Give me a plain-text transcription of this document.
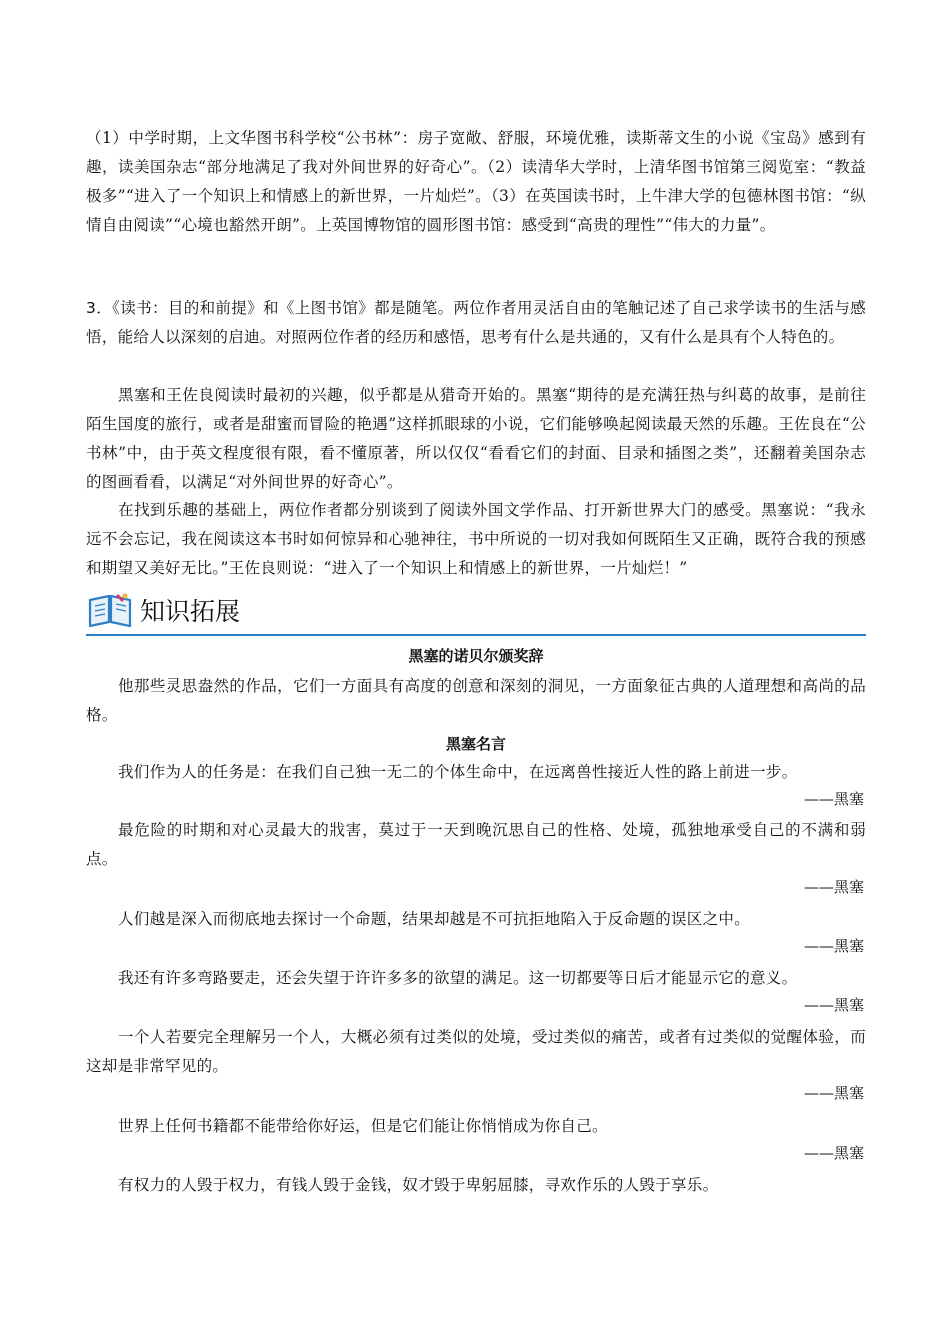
（1）中学时期，上文华图书科学校“公书林”：房子宽敞、舒服，环境优雅，读斯蒂文生的小说《宝岛》感到有趣，读美国杂志“部分地满足了我对外间世界的好奇心”。（2）读清华大学时，上清华图书馆第三阅览室：“教益极多”“进入了一个知识上和情感上的新世界，一片灿烂”。（3）在英国读书时，上牛津大学的包德林图书馆：“纵情自由阅读”“心境也豁然开朗”。上英国博物馆的圆形图书馆：感受到“高贵的理性”“伟大的力量”。

3．《读书：目的和前提》和《上图书馆》都是随笔。两位作者用灵活自由的笔触记述了自己求学读书的生活与感悟，能给人以深刻的启迪。对照两位作者的经历和感悟，思考有什么是共通的，又有什么是具有个人特色的。

黑塞和王佐良阅读时最初的兴趣，似乎都是从猎奇开始的。黑塞“期待的是充满狂热与纠葛的故事，是前往陌生国度的旅行，或者是甜蜜而冒险的艳遇”这样抓眼球的小说，它们能够唤起阅读最天然的乐趣。王佐良在“公书林”中，由于英文程度很有限，看不懂原著，所以仅仅“看看它们的封面、目录和插图之类”，还翻着美国杂志的图画看看，以满足“对外间世界的好奇心”。

在找到乐趣的基础上，两位作者都分别谈到了阅读外国文学作品、打开新世界大门的感受。黑塞说：“我永远不会忘记，我在阅读这本书时如何惊异和心驰神往，书中所说的一切对我如何既陌生又正确，既符合我的预感和期望又美好无比。”王佐良则说：“进入了一个知识上和情感上的新世界，一片灿烂！”

知识拓展

黑塞的诺贝尔颁奖辞

他那些灵思盎然的作品，它们一方面具有高度的创意和深刻的洞见，一方面象征古典的人道理想和高尚的品格。

黑塞名言

我们作为人的任务是：在我们自己独一无二的个体生命中，在远离兽性接近人性的路上前进一步。

——黑塞

最危险的时期和对心灵最大的戕害，莫过于一天到晚沉思自己的性格、处境，孤独地承受自己的不满和弱点。

——黑塞

人们越是深入而彻底地去探讨一个命题，结果却越是不可抗拒地陷入于反命题的误区之中。

——黑塞

我还有许多弯路要走，还会失望于许许多多的欲望的满足。这一切都要等日后才能显示它的意义。

——黑塞

一个人若要完全理解另一个人，大概必须有过类似的处境，受过类似的痛苦，或者有过类似的觉醒体验，而这却是非常罕见的。

——黑塞

世界上任何书籍都不能带给你好运，但是它们能让你悄悄成为你自己。

——黑塞

有权力的人毁于权力，有钱人毁于金钱，奴才毁于卑躬屈膝，寻欢作乐的人毁于享乐。
